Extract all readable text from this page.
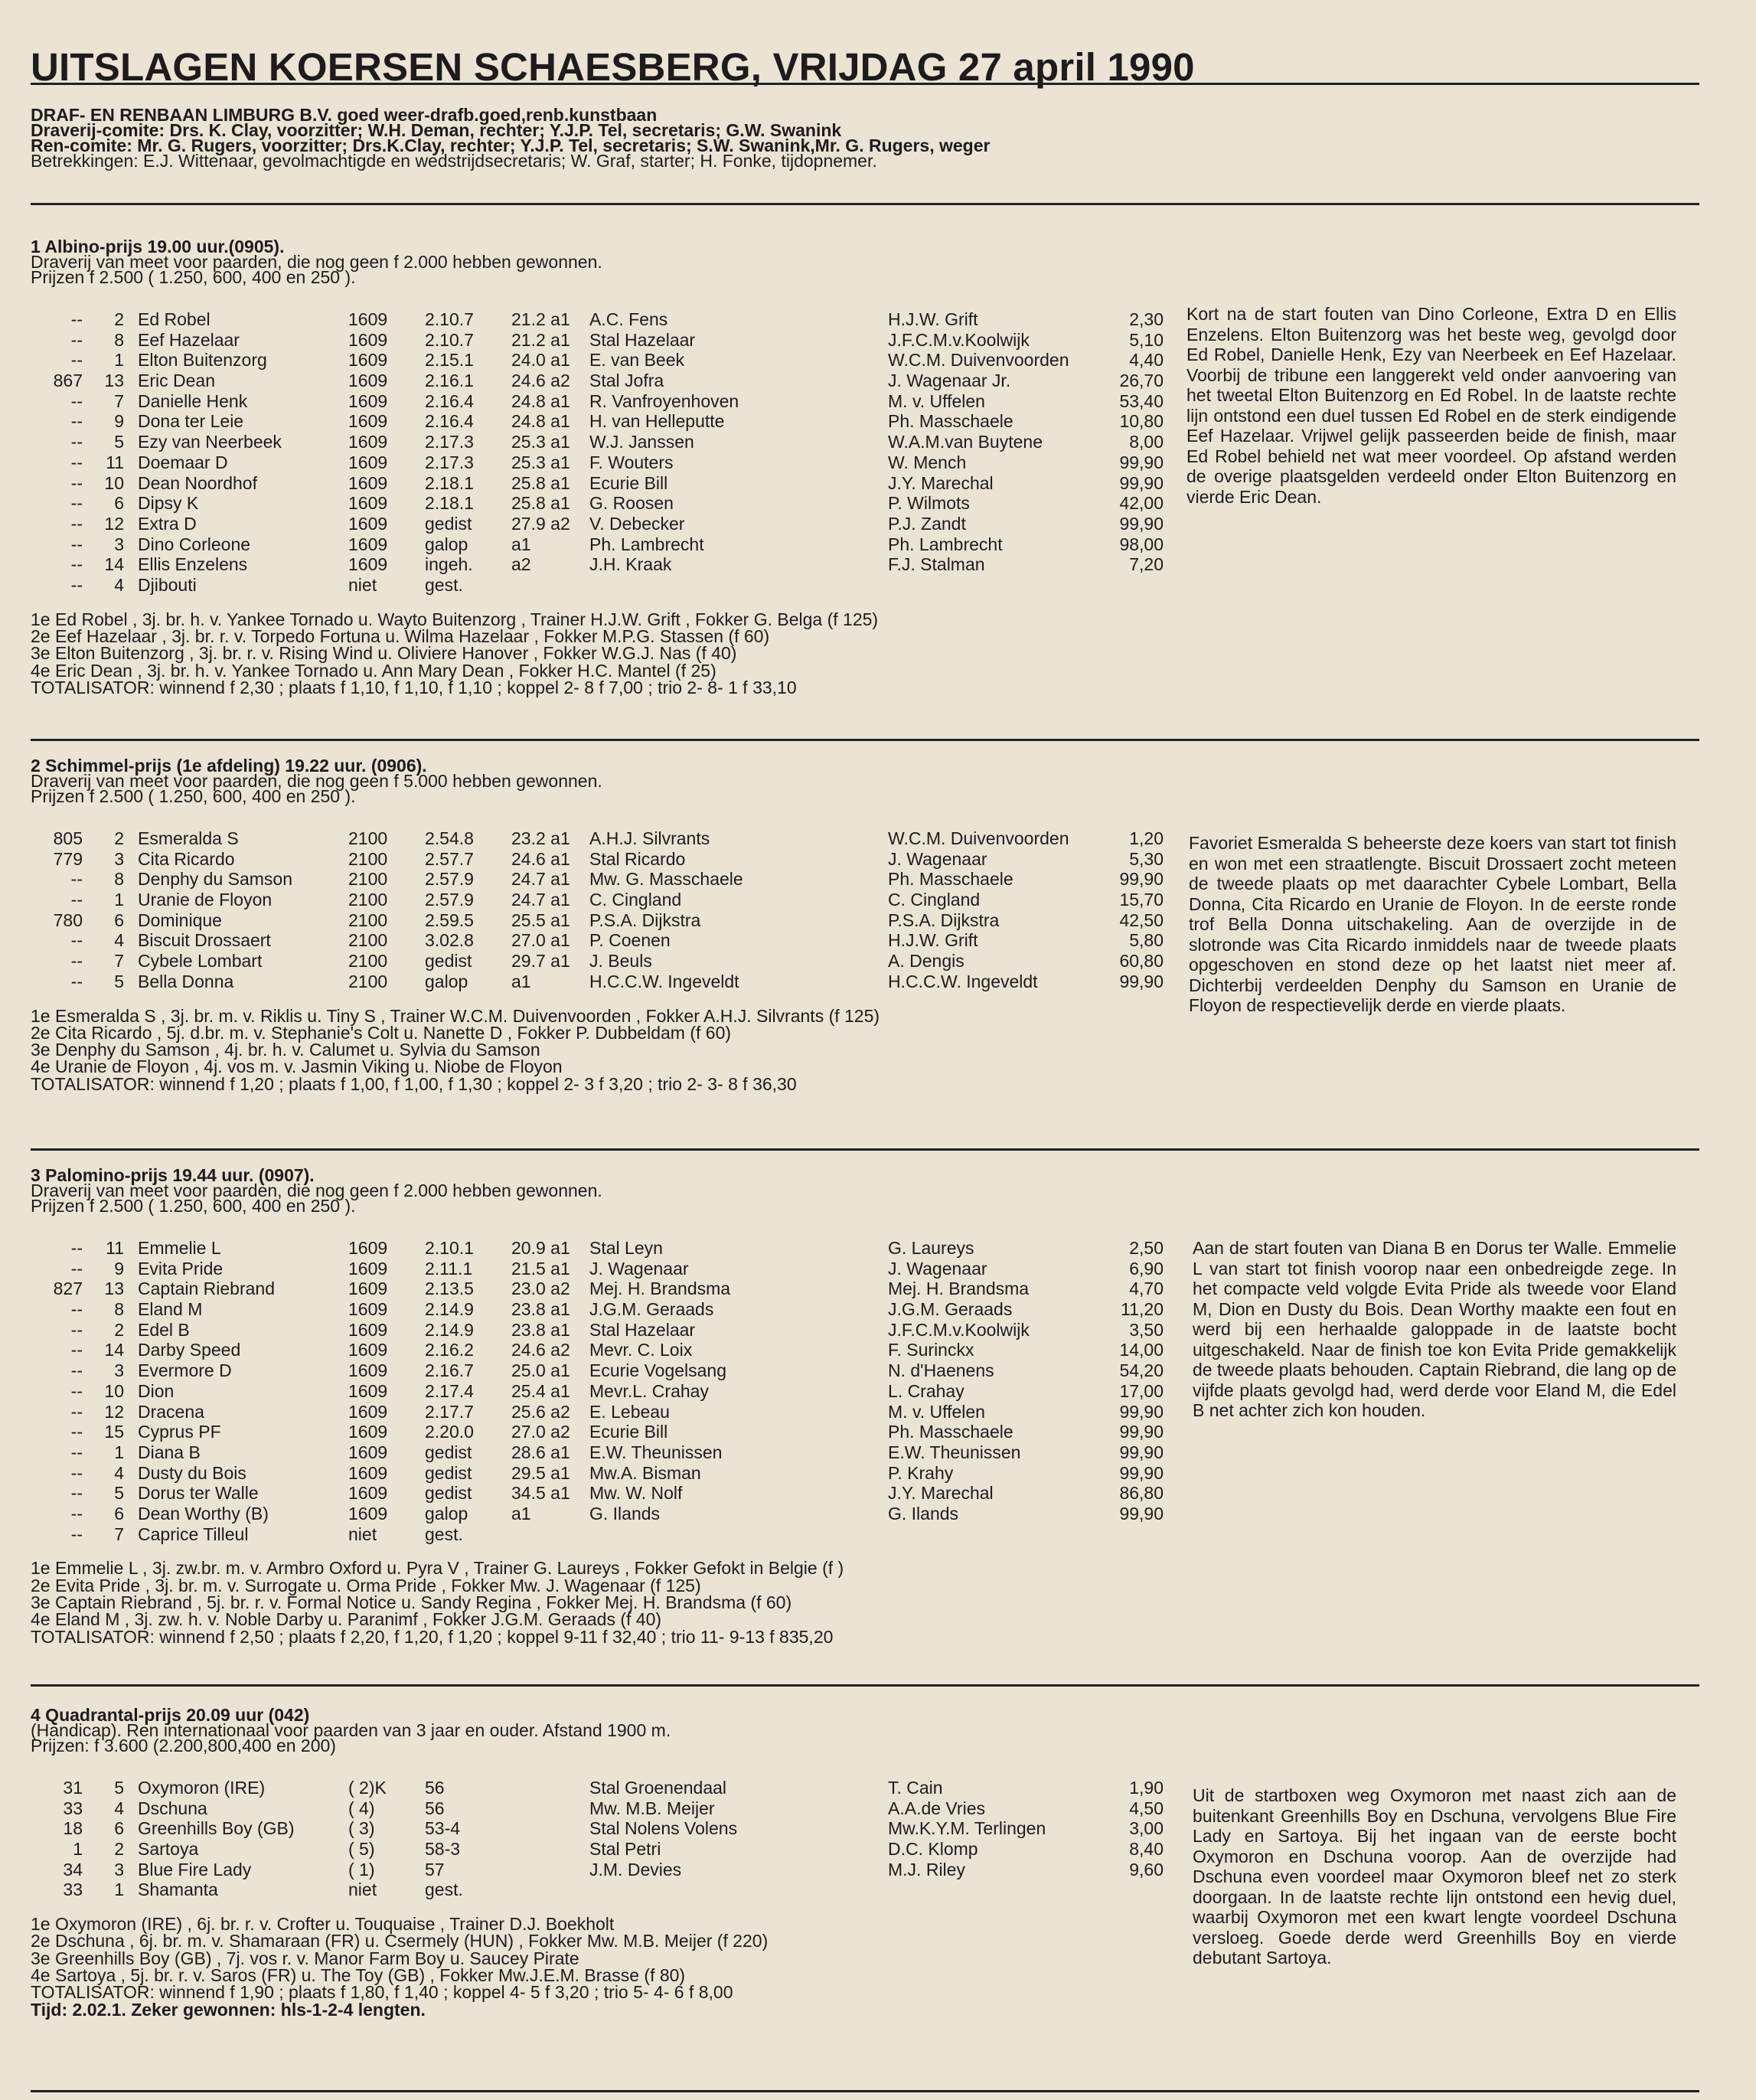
UITSLAGEN KOERSEN SCHAESBERG, VRIJDAG 27 april 1990
DRAF- EN RENBAAN LIMBURG B.V. goed weer-drafb.goed,renb.kunstbaan
Draverij-comite: Drs. K. Clay, voorzitter; W.H. Deman, rechter; Y.J.P. Tel, secretaris; G.W. Swanink
Ren-comite: Mr. G. Rugers, voorzitter; Drs.K.Clay, rechter; Y.J.P. Tel, secretaris; S.W. Swanink,Mr. G. Rugers, weger
Betrekkingen: E.J. Wittenaar, gevolmachtigde en wedstrijdsecretaris; W. Graf, starter; H. Fonke, tijdopnemer.
1 Albino-prijs 19.00 uur.(0905).
Draverij van meet voor paarden, die nog geen f 2.000 hebben gewonnen.
Prijzen f 2.500 ( 1.250, 600, 400 en 250 ).
--	2 Ed Robel	1609 2.10.7 21.2 a1 A.C. Fens	H.J.W. Grift	2,30
--	8 Eef Hazelaar	1609 2.10.7 21.2 a1 Stal Hazelaar	J.F.C.M.v.Koolwijk	5,10
--	1 Elton Buitenzorg	1609 2.15.1 24.0 a1 E. van Beek	W.C.M. Duivenvoorden	4,40
867	13 Eric Dean	1609 2.16.1 24.6 a2 Stal Jofra	J. Wagenaar Jr.	26,70
--	7 Danielle Henk	1609 2.16.4 24.8 a1 R. Vanfroyenhoven	M. v. Uffelen	53,40
--	9 Dona ter Leie	1609 2.16.4 24.8 a1 H. van Helleputte	Ph. Masschaele	10,80
--	5 Ezy van Neerbeek	1609 2.17.3 25.3 a1 W.J. Janssen	W.A.M.van Buytene	8,00
--	11 Doemaar D	1609 2.17.3 25.3 a1 F. Wouters	W. Mench	99,90
--	10 Dean Noordhof	1609 2.18.1 25.8 a1 Ecurie Bill	J.Y. Marechal	99,90
--	6 Dipsy K	1609 2.18.1 25.8 a1 G. Roosen	P. Wilmots	42,00
--	12 Extra D	1609 gedist 27.9 a2 V. Debecker	P.J. Zandt	99,90
--	3 Dino Corleone	1609 galop a1	Ph. Lambrecht	Ph. Lambrecht	98,00
--	14 Ellis Enzelens	1609 ingeh. a2	J.H. Kraak	F.J. Stalman	7,20
--	4 Djibouti	niet	gest.
Kort na de start fouten van Dino Corleone, Extra D en Ellis Enzelens. Elton Buitenzorg was het beste weg, gevolgd door Ed Robel, Danielle Henk, Ezy van Neerbeek en Eef Hazelaar. Voorbij de tribune een langgerekt veld onder aanvoering van het tweetal Elton Buitenzorg en Ed Robel. In de laatste rechte lijn ontstond een duel tussen Ed Robel en de sterk eindigende Eef Hazelaar. Vrijwel gelijk passeerden beide de finish, maar Ed Robel behield net wat meer voordeel. Op afstand werden de overige plaatsgelden verdeeld onder Elton Buitenzorg en vierde Eric Dean.
1e Ed Robel , 3j. br. h. v. Yankee Tornado u. Wayto Buitenzorg , Trainer H.J.W. Grift , Fokker G. Belga (f 125)
2e Eef Hazelaar , 3j. br. r. v. Torpedo Fortuna u. Wilma Hazelaar , Fokker M.P.G. Stassen (f 60)
3e Elton Buitenzorg , 3j. br. r. v. Rising Wind u. Oliviere Hanover , Fokker W.G.J. Nas (f 40)
4e Eric Dean , 3j. br. h. v. Yankee Tornado u. Ann Mary Dean , Fokker H.C. Mantel (f 25)
TOTALISATOR: winnend f 2,30 ; plaats f 1,10, f 1,10, f 1,10 ; koppel 2- 8 f 7,00 ; trio 2- 8- 1 f 33,10
2 Schimmel-prijs (1e afdeling) 19.22 uur. (0906).
Draverij van meet voor paarden, die nog geen f 5.000 hebben gewonnen.
Prijzen f 2.500 ( 1.250, 600, 400 en 250 ).
805	2 Esmeralda S	2100 2.54.8 23.2 a1 A.H.J. Silvrants	W.C.M. Duivenvoorden	1,20
779	3 Cita Ricardo	2100 2.57.7 24.6 a1 Stal Ricardo	J. Wagenaar	5,30
--	8 Denphy du Samson	2100 2.57.9 24.7 a1 Mw. G. Masschaele	Ph. Masschaele	99,90
--	1 Uranie de Floyon	2100 2.57.9 24.7 a1 C. Cingland	C. Cingland	15,70
780	6 Dominique	2100 2.59.5 25.5 a1 P.S.A. Dijkstra	P.S.A. Dijkstra	42,50
--	4 Biscuit Drossaert	2100 3.02.8 27.0 a1 P. Coenen	H.J.W. Grift	5,80
--	7 Cybele Lombart	2100 gedist 29.7 a1 J. Beuls	A. Dengis	60,80
--	5 Bella Donna	2100 galop a1	H.C.C.W. Ingeveldt	H.C.C.W. Ingeveldt	99,90
Favoriet Esmeralda S beheerste deze koers van start tot finish en won met een straatlengte. Biscuit Drossaert zocht meteen de tweede plaats op met daarachter Cybele Lombart, Bella Donna, Cita Ricardo en Uranie de Floyon. In de eerste ronde trof Bella Donna uitschakeling. Aan de overzijde in de slotronde was Cita Ricardo inmiddels naar de tweede plaats opgeschoven en stond deze op het laatst niet meer af. Dichterbij verdeelden Denphy du Samson en Uranie de Floyon de respectievelijk derde en vierde plaats.
1e Esmeralda S , 3j. br. m. v. Riklis u. Tiny S , Trainer W.C.M. Duivenvoorden , Fokker A.H.J. Silvrants (f 125)
2e Cita Ricardo , 5j. d.br. m. v. Stephanie's Colt u. Nanette D , Fokker P. Dubbeldam (f 60)
3e Denphy du Samson , 4j. br. h. v. Calumet u. Sylvia du Samson
4e Uranie de Floyon , 4j. vos m. v. Jasmin Viking u. Niobe de Floyon
TOTALISATOR: winnend f 1,20 ; plaats f 1,00, f 1,00, f 1,30 ; koppel 2- 3 f 3,20 ; trio 2- 3- 8 f 36,30
3 Palomino-prijs 19.44 uur. (0907).
Draverij van meet voor paarden, die nog geen f 2.000 hebben gewonnen.
Prijzen f 2.500 ( 1.250, 600, 400 en 250 ).
--	11 Emmelie L	1609 2.10.1 20.9 a1 Stal Leyn	G. Laureys	2,50
--	9 Evita Pride	1609 2.11.1 21.5 a1 J. Wagenaar	J. Wagenaar	6,90
827	13 Captain Riebrand	1609 2.13.5 23.0 a2 Mej. H. Brandsma	Mej. H. Brandsma	4,70
--	8 Eland M	1609 2.14.9 23.8 a1 J.G.M. Geraads	J.G.M. Geraads	11,20
--	2 Edel B	1609 2.14.9 23.8 a1 Stal Hazelaar	J.F.C.M.v.Koolwijk	3,50
--	14 Darby Speed	1609 2.16.2 24.6 a2 Mevr. C. Loix	F. Surinckx	14,00
--	3 Evermore D	1609 2.16.7 25.0 a1 Ecurie Vogelsang	N. d'Haenens	54,20
--	10 Dion	1609 2.17.4 25.4 a1 Mevr.L. Crahay	L. Crahay	17,00
--	12 Dracena	1609 2.17.7 25.6 a2 E. Lebeau	M. v. Uffelen	99,90
--	15 Cyprus PF	1609 2.20.0 27.0 a2 Ecurie Bill	Ph. Masschaele	99,90
--	1 Diana B	1609 gedist 28.6 a1 E.W. Theunissen	E.W. Theunissen	99,90
--	4 Dusty du Bois	1609 gedist 29.5 a1 Mw.A. Bisman	P. Krahy	99,90
--	5 Dorus ter Walle	1609 gedist 34.5 a1 Mw. W. Nolf	J.Y. Marechal	86,80
--	6 Dean Worthy (B)	1609 galop a1	G. Ilands	G. Ilands	99,90
--	7 Caprice Tilleul	niet	gest.
Aan de start fouten van Diana B en Dorus ter Walle. Emmelie L van start tot finish voorop naar een onbedreigde zege. In het compacte veld volgde Evita Pride als tweede voor Eland M, Dion en Dusty du Bois. Dean Worthy maakte een fout en werd bij een herhaalde galoppade in de laatste bocht uitgeschakeld. Naar de finish toe kon Evita Pride gemakkelijk de tweede plaats behouden. Captain Riebrand, die lang op de vijfde plaats gevolgd had, werd derde voor Eland M, die Edel B net achter zich kon houden.
1e Emmelie L , 3j. zw.br. m. v. Armbro Oxford u. Pyra V , Trainer G. Laureys , Fokker Gefokt in Belgie (f )
2e Evita Pride , 3j. br. m. v. Surrogate u. Orma Pride , Fokker Mw. J. Wagenaar (f 125)
3e Captain Riebrand , 5j. br. r. v. Formal Notice u. Sandy Regina , Fokker Mej. H. Brandsma (f 60)
4e Eland M , 3j. zw. h. v. Noble Darby u. Paranimf , Fokker J.G.M. Geraads (f 40)
TOTALISATOR: winnend f 2,50 ; plaats f 2,20, f 1,20, f 1,20 ; koppel 9-11 f 32,40 ; trio 11- 9-13 f 835,20
4 Quadrantal-prijs 20.09 uur (042)
(Handicap). Ren internationaal voor paarden van 3 jaar en ouder. Afstand 1900 m.
Prijzen: f 3.600 (2.200,800,400 en 200)
31	5 Oxymoron (IRE)	( 2)K 56	Stal Groenendaal	T. Cain	1,90
33	4 Dschuna	( 4)	56	Mw. M.B. Meijer	A.A.de Vries	4,50
18	6 Greenhills Boy (GB)	( 3)	53-4	Stal Nolens Volens	Mw.K.Y.M. Terlingen	3,00
1	2 Sartoya	( 5)	58-3	Stal Petri	D.C. Klomp	8,40
34	3 Blue Fire Lady	( 1)	57	J.M. Devies	M.J. Riley	9,60
33	1 Shamanta	niet	gest.
Uit de startboxen weg Oxymoron met naast zich aan de buitenkant Greenhills Boy en Dschuna, vervolgens Blue Fire Lady en Sartoya. Bij het ingaan van de eerste bocht Oxymoron en Dschuna voorop. Aan de overzijde had Dschuna even voordeel maar Oxymoron bleef net zo sterk doorgaan. In de laatste rechte lijn ontstond een hevig duel, waarbij Oxymoron met een kwart lengte voordeel Dschuna versloeg. Goede derde werd Greenhills Boy en vierde debutant Sartoya.
1e Oxymoron (IRE) , 6j. br. r. v. Crofter u. Touquaise , Trainer D.J. Boekholt
2e Dschuna , 6j. br. m. v. Shamaraan (FR) u. Csermely (HUN) , Fokker Mw. M.B. Meijer (f 220)
3e Greenhills Boy (GB) , 7j. vos r. v. Manor Farm Boy u. Saucey Pirate
4e Sartoya , 5j. br. r. v. Saros (FR) u. The Toy (GB) , Fokker Mw.J.E.M. Brasse (f 80)
TOTALISATOR: winnend f 1,90 ; plaats f 1,80, f 1,40 ; koppel 4- 5 f 3,20 ; trio 5- 4- 6 f 8,00
Tijd: 2.02.1. Zeker gewonnen: hls-1-2-4 lengten.
